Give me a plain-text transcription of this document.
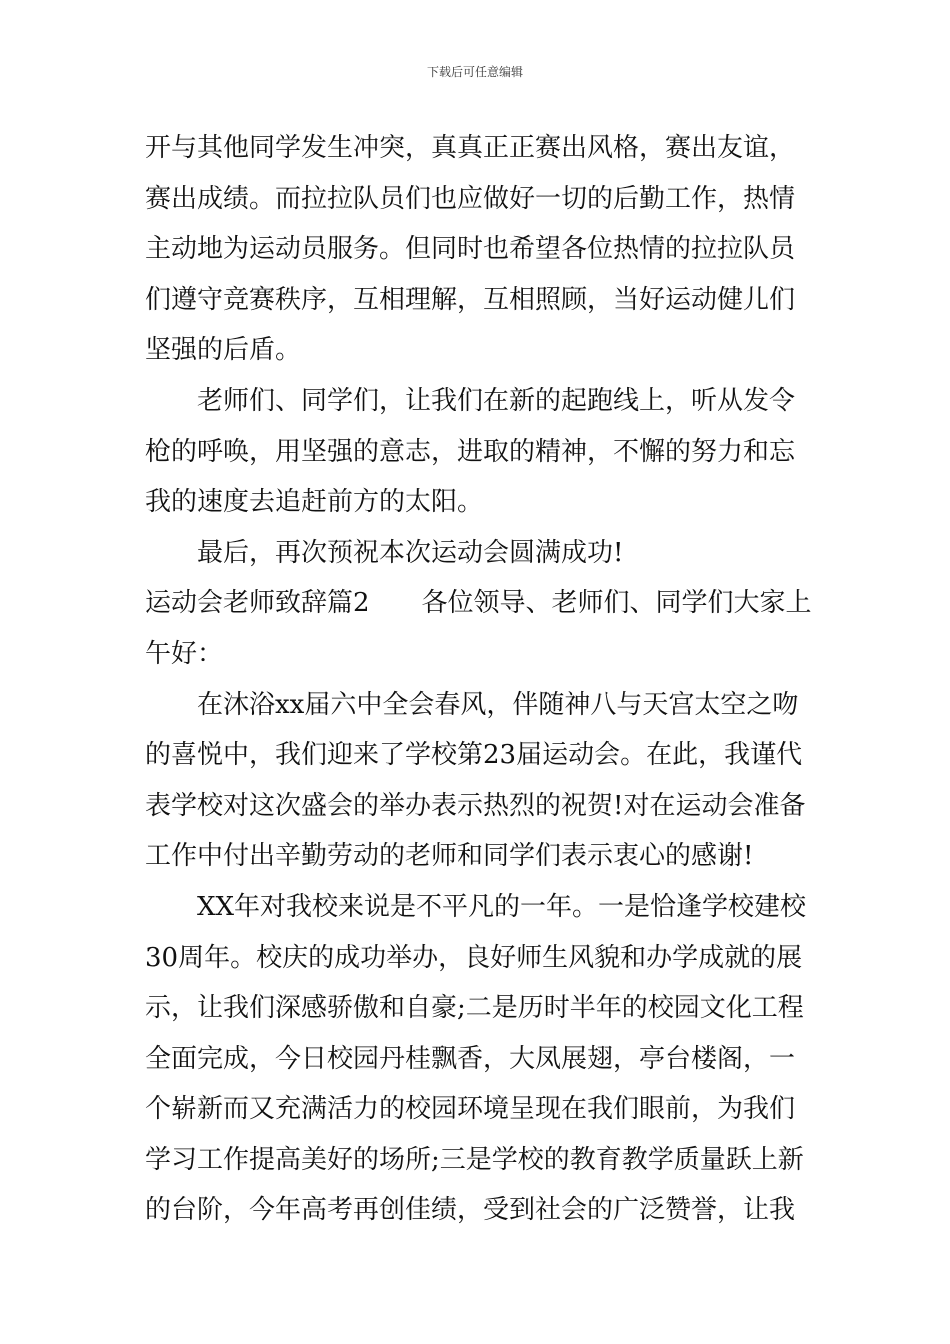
下载后可任意编辑
开与其他同学发生冲突，真真正正赛出风格，赛出友谊，
赛出成绩。而拉拉队员们也应做好一切的后勤工作，热情
主动地为运动员服务。但同时也希望各位热情的拉拉队员
们遵守竞赛秩序，互相理解，互相照顾，当好运动健儿们
坚强的后盾。
老师们、同学们，让我们在新的起跑线上，听从发令
枪的呼唤，用坚强的意志，进取的精神，不懈的努力和忘
我的速度去追赶前方的太阳。
最后，再次预祝本次运动会圆满成功!
运动会老师致辞篇2 各位领导、老师们、同学们大家上
午好：
在沐浴xx届六中全会春风，伴随神八与天宫太空之吻
的喜悦中，我们迎来了学校第23届运动会。在此，我谨代
表学校对这次盛会的举办表示热烈的祝贺!对在运动会准备
工作中付出辛勤劳动的老师和同学们表示衷心的感谢!
XX年对我校来说是不平凡的一年。一是恰逢学校建校
30周年。校庆的成功举办，良好师生风貌和办学成就的展
示，让我们深感骄傲和自豪;二是历时半年的校园文化工程
全面完成，今日校园丹桂飘香，大凤展翅，亭台楼阁，一
个崭新而又充满活力的校园环境呈现在我们眼前，为我们
学习工作提高美好的场所;三是学校的教育教学质量跃上新
的台阶，今年高考再创佳绩，受到社会的广泛赞誉，让我
